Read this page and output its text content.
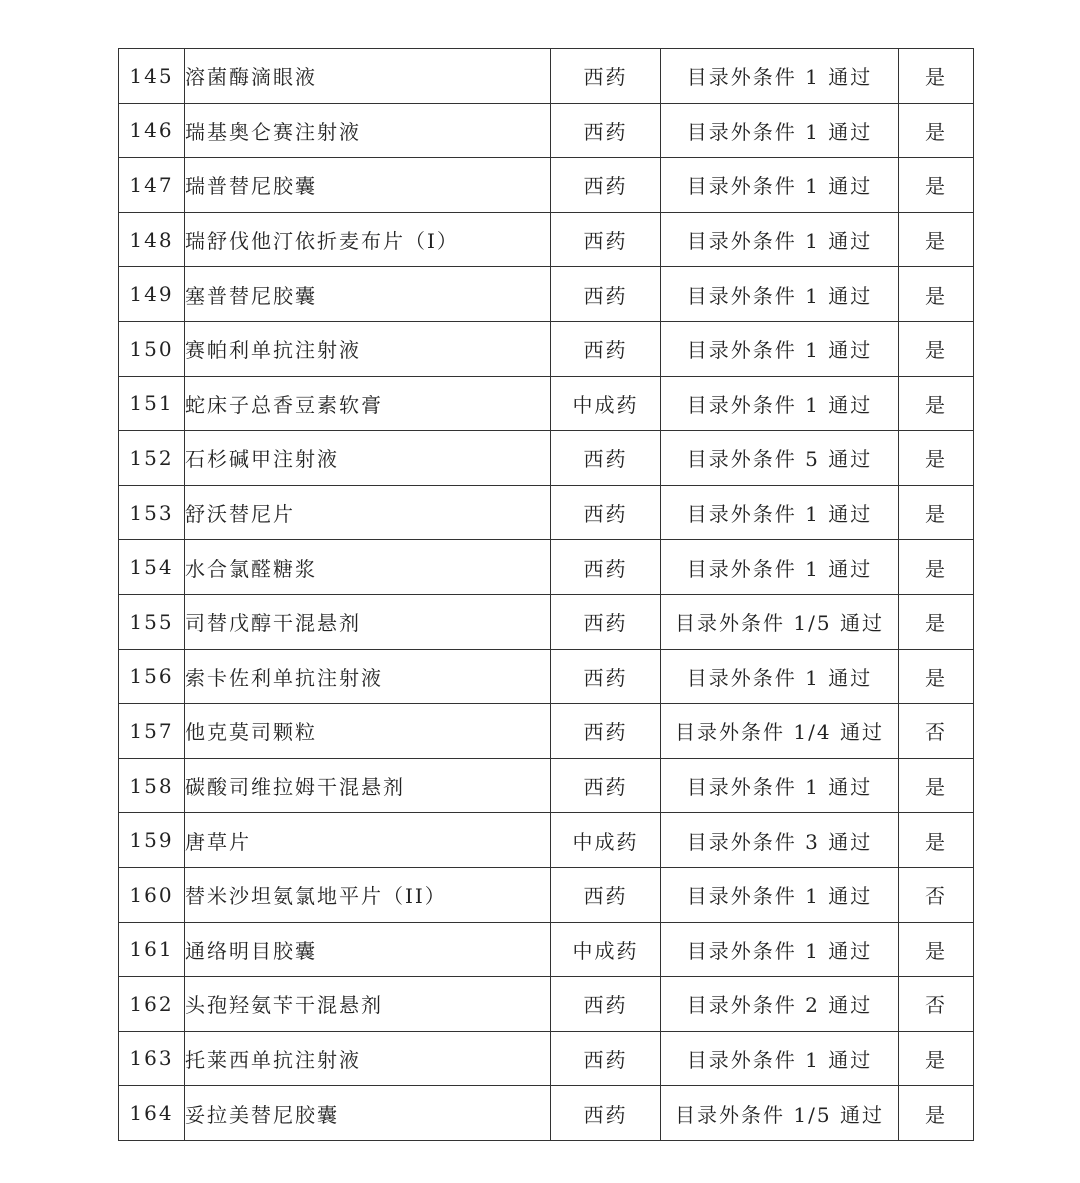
145	溶菌酶滴眼液	西药	目录外条件 1 通过	是
146	瑞基奥仑赛注射液	西药	目录外条件 1 通过	是
147	瑞普替尼胶囊	西药	目录外条件 1 通过	是
148	瑞舒伐他汀依折麦布片（I）	西药	目录外条件 1 通过	是
149	塞普替尼胶囊	西药	目录外条件 1 通过	是
150	赛帕利单抗注射液	西药	目录外条件 1 通过	是
151	蛇床子总香豆素软膏	中成药	目录外条件 1 通过	是
152	石杉碱甲注射液	西药	目录外条件 5 通过	是
153	舒沃替尼片	西药	目录外条件 1 通过	是
154	水合氯醛糖浆	西药	目录外条件 1 通过	是
155	司替戊醇干混悬剂	西药	目录外条件 1/5 通过	是
156	索卡佐利单抗注射液	西药	目录外条件 1 通过	是
157	他克莫司颗粒	西药	目录外条件 1/4 通过	否
158	碳酸司维拉姆干混悬剂	西药	目录外条件 1 通过	是
159	唐草片	中成药	目录外条件 3 通过	是
160	替米沙坦氨氯地平片（II）	西药	目录外条件 1 通过	否
161	通络明目胶囊	中成药	目录外条件 1 通过	是
162	头孢羟氨苄干混悬剂	西药	目录外条件 2 通过	否
163	托莱西单抗注射液	西药	目录外条件 1 通过	是
164	妥拉美替尼胶囊	西药	目录外条件 1/5 通过	是
